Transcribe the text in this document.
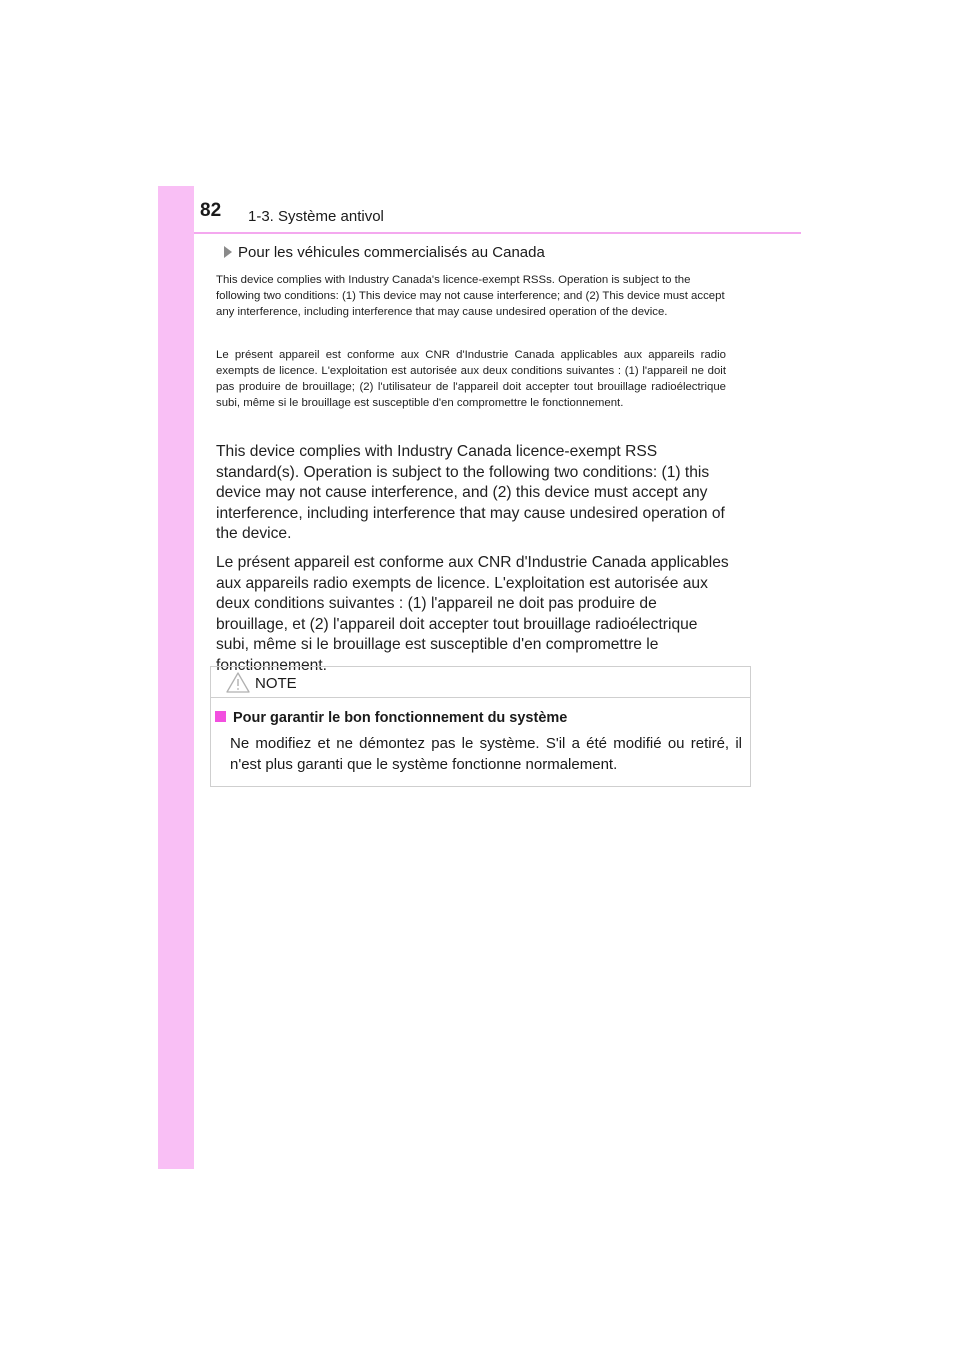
82 1-3. Système antivol
Pour les véhicules commercialisés au Canada
This device complies with Industry Canada's licence-exempt RSSs. Operation is subject to the following two conditions: (1) This device may not cause interference; and (2) This device must accept any interference, including interference that may cause undesired operation of the device.
Le présent appareil est conforme aux CNR d'Industrie Canada applicables aux appareils radio exempts de licence. L'exploitation est autorisée aux deux conditions suivantes : (1) l'appareil ne doit pas produire de brouillage; (2) l'utilisateur de l'appareil doit accepter tout brouillage radioélectrique subi, même si le brouillage est susceptible d'en compromettre le fonctionnement.
This device complies with Industry Canada licence-exempt RSS standard(s). Operation is subject to the following two conditions: (1) this device may not cause interference, and (2) this device must accept any interference, including interference that may cause undesired operation of the device.
Le présent appareil est conforme aux CNR d'Industrie Canada applicables aux appareils radio exempts de licence. L'exploitation est autorisée aux deux conditions suivantes : (1) l'appareil ne doit pas produire de brouillage, et (2) l'appareil doit accepter tout brouillage radioélectrique subi, même si le brouillage est susceptible d'en compromettre le fonctionnement.
NOTE
Pour garantir le bon fonctionnement du système
Ne modifiez et ne démontez pas le système. S'il a été modifié ou retiré, il n'est plus garanti que le système fonctionne normalement.
